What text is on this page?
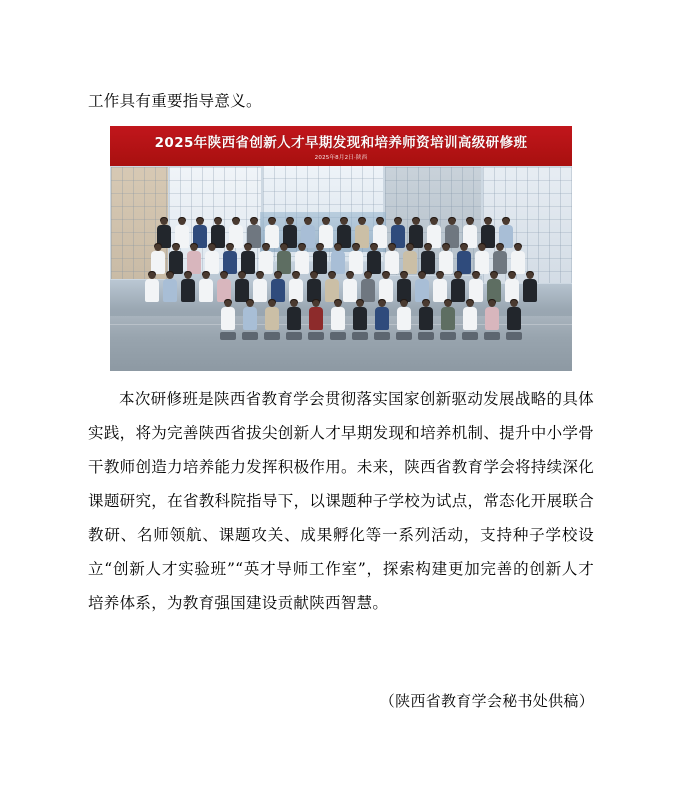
工作具有重要指导意义。
2025年陕西省创新人才早期发现和培养师资培训高级研修班
2025年8月2日·陕西
本次研修班是陕西省教育学会贯彻落实国家创新驱动发展战略的具体实践，将为完善陕西省拔尖创新人才早期发现和培养机制、提升中小学骨干教师创造力培养能力发挥积极作用。未来，陕西省教育学会将持续深化课题研究，在省教科院指导下，以课题种子学校为试点，常态化开展联合教研、名师领航、课题攻关、成果孵化等一系列活动，支持种子学校设立“创新人才实验班”“英才导师工作室”，探索构建更加完善的创新人才培养体系，为教育强国建设贡献陕西智慧。
（陕西省教育学会秘书处供稿）
